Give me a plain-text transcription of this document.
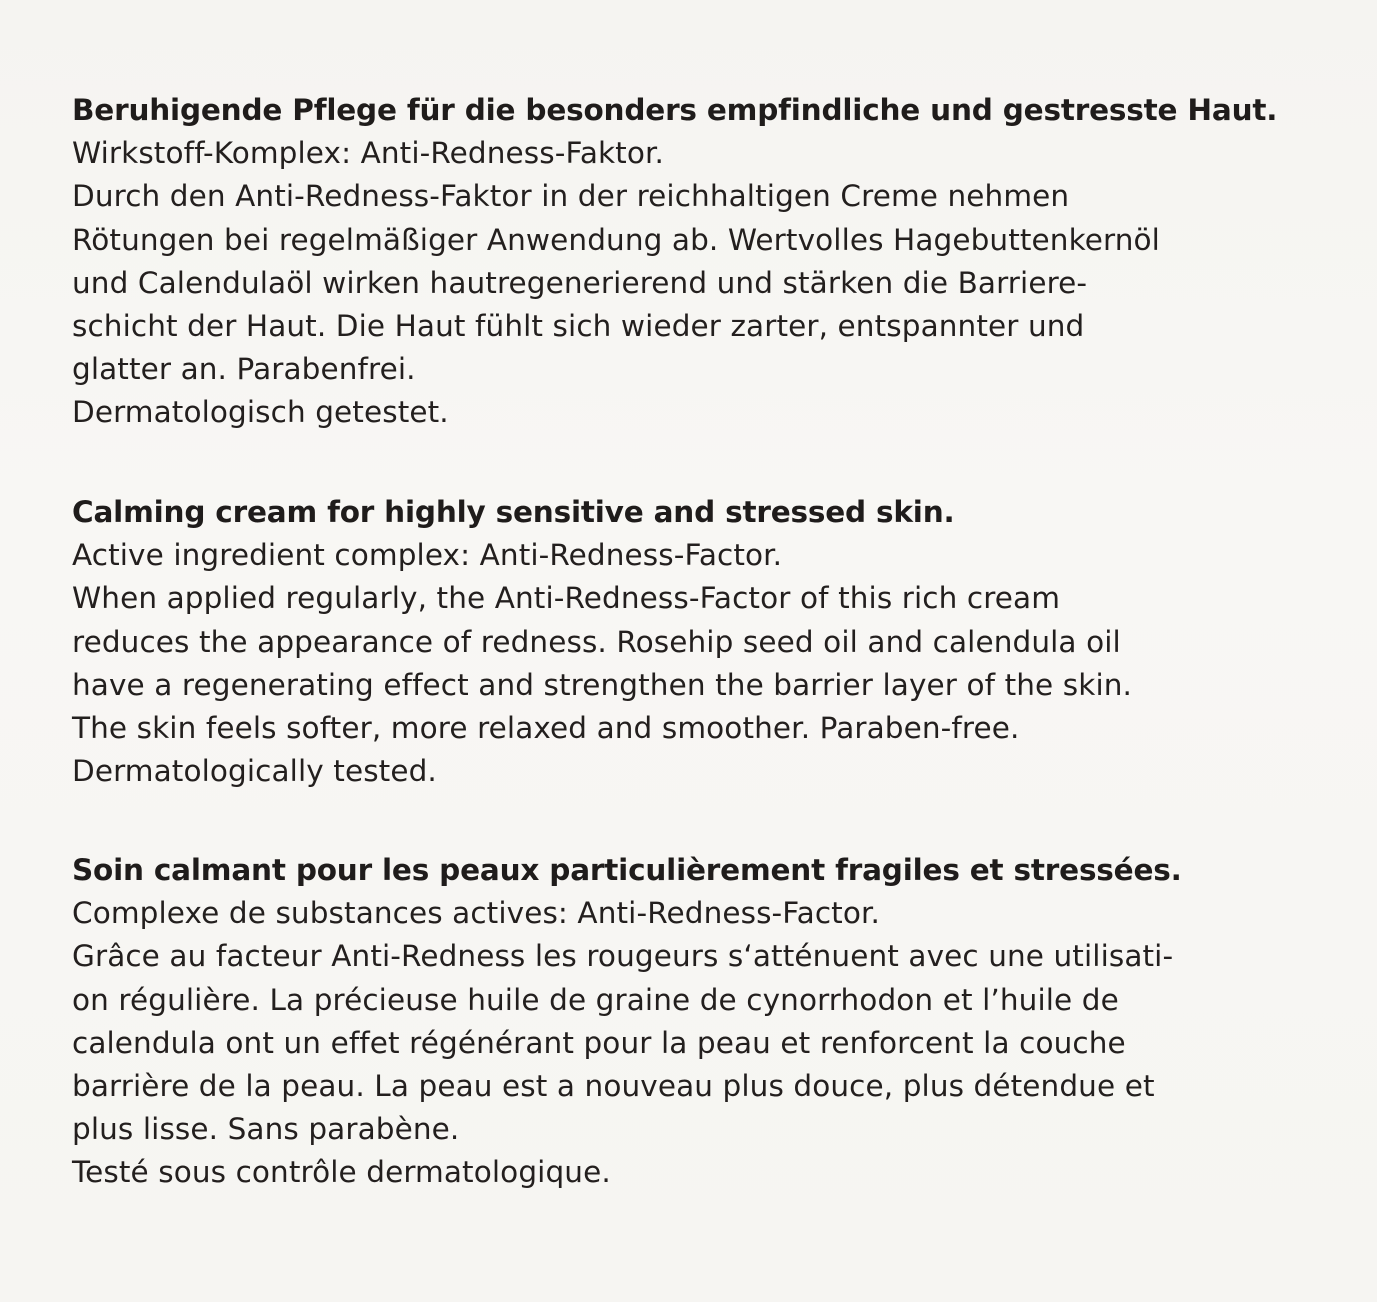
Beruhigende Pflege für die besonders empfindliche und gestresste Haut.
Wirkstoff-Komplex: Anti-Redness-Faktor.
Durch den Anti-Redness-Faktor in der reichhaltigen Creme nehmen
Rötungen bei regelmäßiger Anwendung ab. Wertvolles Hagebuttenkernöl
und Calendulaöl wirken hautregenerierend und stärken die Barriere-
schicht der Haut. Die Haut fühlt sich wieder zarter, entspannter und
glatter an. Parabenfrei.
Dermatologisch getestet.
Calming cream for highly sensitive and stressed skin.
Active ingredient complex: Anti-Redness-Factor.
When applied regularly, the Anti-Redness-Factor of this rich cream
reduces the appearance of redness. Rosehip seed oil and calendula oil
have a regenerating effect and strengthen the barrier layer of the skin.
The skin feels softer, more relaxed and smoother. Paraben-free.
Dermatologically tested.
Soin calmant pour les peaux particulièrement fragiles et stressées.
Complexe de substances actives: Anti-Redness-Factor.
Grâce au facteur Anti-Redness les rougeurs s‘atténuent avec une utilisati-
on régulière. La précieuse huile de graine de cynorrhodon et l’huile de
calendula ont un effet régénérant pour la peau et renforcent la couche
barrière de la peau. La peau est a nouveau plus douce, plus détendue et
plus lisse. Sans parabène.
Testé sous contrôle dermatologique.
